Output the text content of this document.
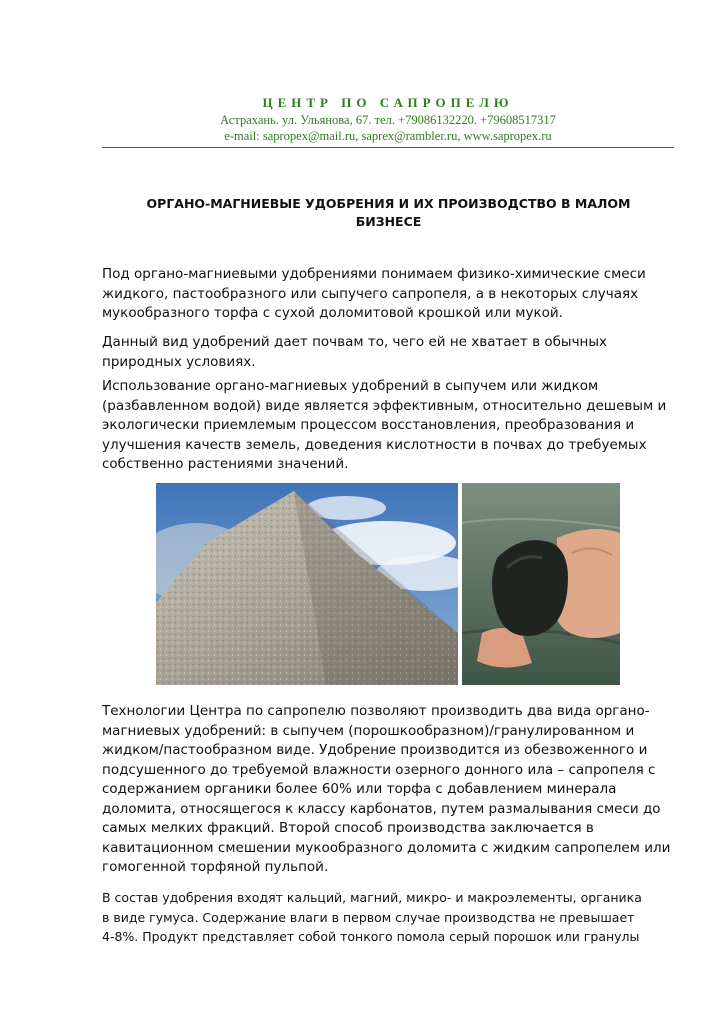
ЦЕНТР ПО САПРОПЕЛЮ
Астрахань. ул. Ульянова, 67. тел. +79086132220. +79608517317
e-mail: sapropex@mail.ru, saprex@rambler.ru, www.sapropex.ru
ОРГАНО-МАГНИЕВЫЕ УДОБРЕНИЯ И ИХ ПРОИЗВОДСТВО В МАЛОМ
БИЗНЕСЕ
Под органо-магниевыми удобрениями понимаем физико-химические смеси
жидкого, пастообразного или сыпучего сапропеля, а в некоторых случаях
мукообразного торфа с сухой доломитовой крошкой или мукой.
Данный вид удобрений дает почвам то, чего ей не хватает в обычных
природных условиях.
Использование органо-магниевых удобрений в сыпучем или жидком
(разбавленном водой) виде является эффективным, относительно дешевым и
экологически приемлемым процессом восстановления, преобразования и
улучшения качеств земель, доведения кислотности в почвах до требуемых
собственно растениями значений.
Технологии Центра по сапропелю позволяют производить два вида органо-
магниевых удобрений: в сыпучем (порошкообразном)/гранулированном и
жидком/пастообразном виде. Удобрение производится из обезвоженного и
подсушенного до требуемой влажности озерного донного ила – сапропеля с
содержанием органики более 60% или торфа с добавлением минерала
доломита, относящегося к классу карбонатов, путем размалывания смеси до
самых мелких фракций. Второй способ производства заключается в
кавитационном смешении мукообразного доломита с жидким сапропелем или
гомогенной торфяной пульпой.
В состав удобрения входят кальций, магний, микро- и макроэлементы, органика
в виде гумуса. Содержание влаги в первом случае производства не превышает
4-8%. Продукт представляет собой тонкого помола серый порошок или гранулы
